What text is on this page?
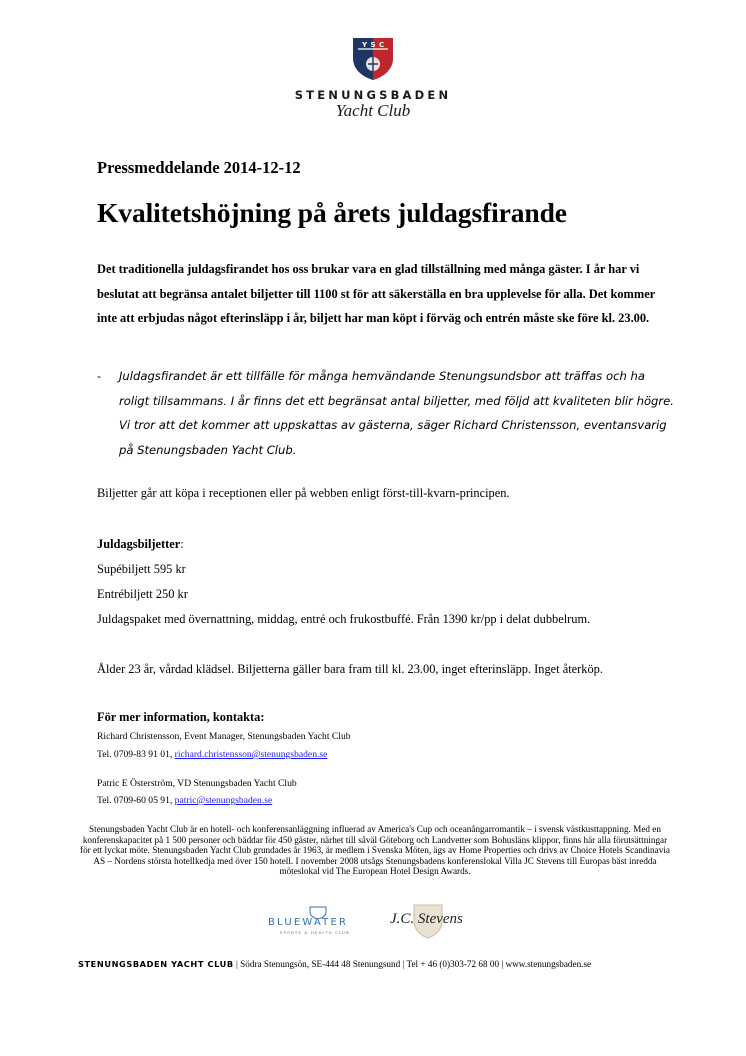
Y S C
STENUNGSBADEN
Yacht Club
Pressmeddelande 2014-12-12
Kvalitetshöjning på årets juldagsfirande
Det traditionella juldagsfirandet hos oss brukar vara en glad tillställning med många gäster. I år har vi beslutat att begränsa antalet biljetter till 1100 st för att säkerställa en bra upplevelse för alla. Det kommer inte att erbjudas något efterinsläpp i år, biljett har man köpt i förväg och entrén måste ske före kl. 23.00.
- Juldagsfirandet är ett tillfälle för många hemvändande Stenungsundsbor att träffas och ha roligt tillsammans. I år finns det ett begränsat antal biljetter, med följd att kvaliteten blir högre. Vi tror att det kommer att uppskattas av gästerna, säger Richard Christensson, eventansvarig på Stenungsbaden Yacht Club.
Biljetter går att köpa i receptionen eller på webben enligt först-till-kvarn-principen.
Juldagsbiljetter:
Supébiljett 595 kr
Entrébiljett 250 kr
Juldagspaket med övernattning, middag, entré och frukostbuffé. Från 1390 kr/pp i delat dubbelrum.
Ålder 23 år, vårdad klädsel. Biljetterna gäller bara fram till kl. 23.00, inget efterinsläpp. Inget återköp.
För mer information, kontakta:
Richard Christensson, Event Manager, Stenungsbaden Yacht Club
Tel. 0709-83 91 01, richard.christensson@stenungsbaden.se
Patric E Österström, VD Stenungsbaden Yacht Club
Tel. 0709-60 05 91, patric@stenungsbaden.se
Stenungsbaden Yacht Club är en hotell- och konferensanläggning influerad av America's Cup och oceanångarromantik – i svensk västkusttappning. Med en konferenskapacitet på 1 500 personer och bäddar för 450 gäster, närhet till såväl Göteborg och Landvetter som Bohusläns klippor, finns här alla förutsättningar för ett lyckat möte. Stenungsbaden Yacht Club grundades år 1963, är medlem i Svenska Möten, ägs av Home Properties och drivs av Choice Hotels Scandinavia AS – Nordens största hotellkedja med över 150 hotell. I november 2008 utsågs Stenungsbadens konferenslokal Villa JC Stevens till Europas bäst inredda möteslokal vid The European Hotel Design Awards.
BLUEWATER
SPORTS & HEALTH CLUB
J.C. Stevens
STENUNGSBADEN YACHT CLUB | Södra Stenungsön, SE-444 48 Stenungsund | Tel + 46 (0)303-72 68 00 | www.stenungsbaden.se
